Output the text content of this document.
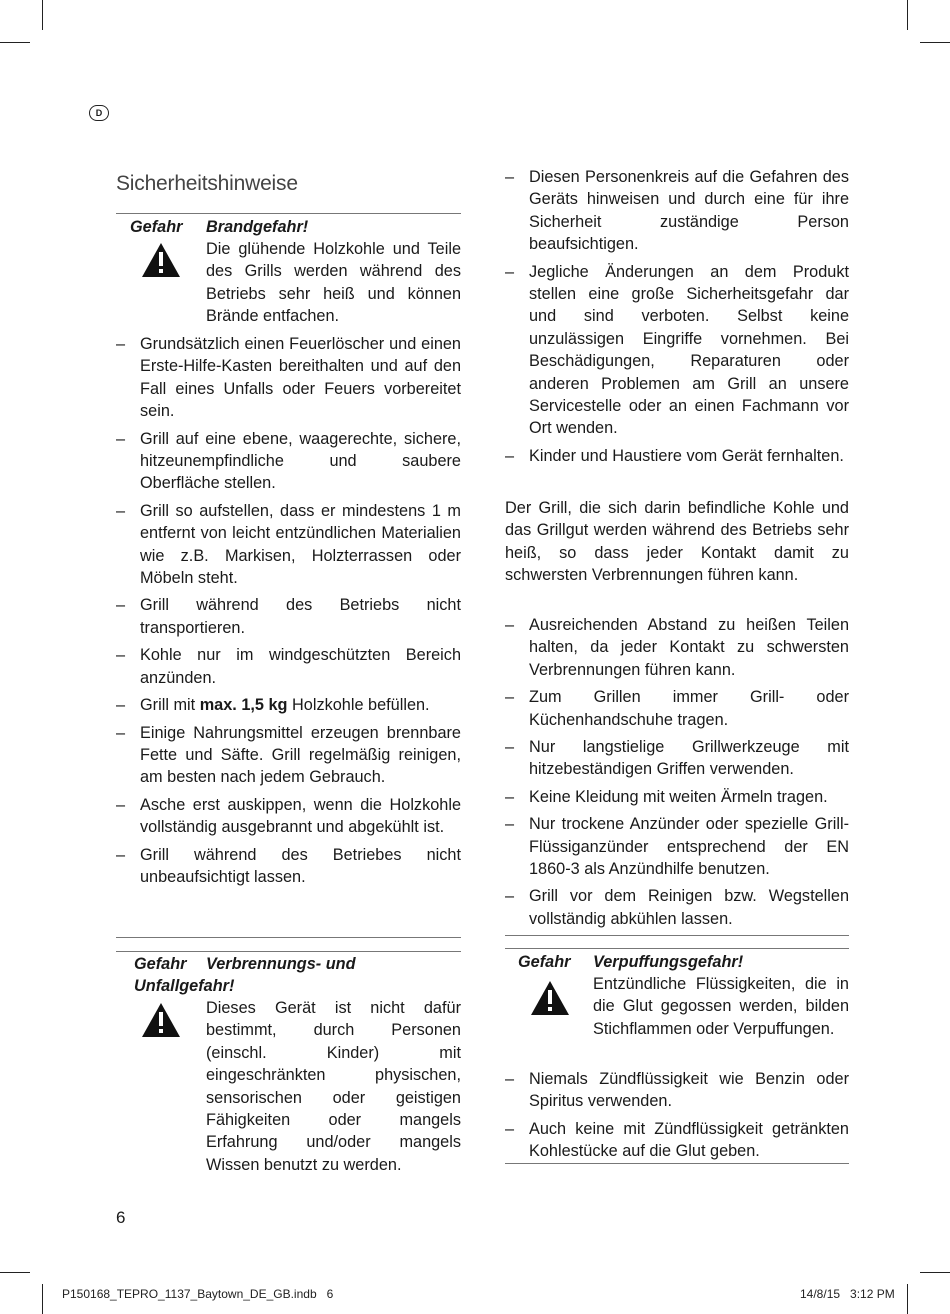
D
Sicherheitshinweise
Gefahr Brandgefahr!
Die glühende Holzkohle und Teile des Grills werden während des Betriebs sehr heiß und können Brände entfachen.
– Grundsätzlich einen Feuerlöscher und einen Erste-Hilfe-Kasten bereithalten und auf den Fall eines Unfalls oder Feuers vorbereitet sein.
– Grill auf eine ebene, waagerechte, sichere, hitzeunempfindliche und saubere Oberfläche stellen.
– Grill so aufstellen, dass er mindestens 1 m entfernt von leicht entzündlichen Materialien wie z.B. Markisen, Holzterrassen oder Möbeln steht.
– Grill während des Betriebs nicht transportieren.
– Kohle nur im windgeschützten Bereich anzünden.
– Grill mit max. 1,5 kg Holzkohle befüllen.
– Einige Nahrungsmittel erzeugen brennbare Fette und Säfte. Grill regelmäßig reinigen, am besten nach jedem Gebrauch.
– Asche erst auskippen, wenn die Holzkohle vollständig ausgebrannt und abgekühlt ist.
– Grill während des Betriebes nicht unbeaufsichtigt lassen.
Gefahr Verbrennungs- und
Unfallgefahr!
Dieses Gerät ist nicht dafür bestimmt, durch Personen (einschl. Kinder) mit eingeschränkten physischen, sensorischen oder geistigen Fähigkeiten oder mangels Erfahrung und/oder mangels Wissen benutzt zu werden.
– Diesen Personenkreis auf die Gefahren des Geräts hinweisen und durch eine für ihre Sicherheit zuständige Person beaufsichtigen.
– Jegliche Änderungen an dem Produkt stellen eine große Sicherheitsgefahr dar und sind verboten. Selbst keine unzulässigen Eingriffe vornehmen. Bei Beschädigungen, Reparaturen oder anderen Problemen am Grill an unsere Servicestelle oder an einen Fachmann vor Ort wenden.
– Kinder und Haustiere vom Gerät fernhalten.
Der Grill, die sich darin befindliche Kohle und das Grillgut werden während des Betriebs sehr heiß, so dass jeder Kontakt damit zu schwersten Verbrennungen führen kann.
– Ausreichenden Abstand zu heißen Teilen halten, da jeder Kontakt zu schwersten Verbrennungen führen kann.
– Zum Grillen immer Grill- oder Küchenhandschuhe tragen.
– Nur langstielige Grillwerkzeuge mit hitzebeständigen Griffen verwenden.
– Keine Kleidung mit weiten Ärmeln tragen.
– Nur trockene Anzünder oder spezielle Grill-Flüssiganzünder entsprechend der EN 1860-3 als Anzündhilfe benutzen.
– Grill vor dem Reinigen bzw. Wegstellen vollständig abkühlen lassen.
Gefahr Verpuffungsgefahr!
Entzündliche Flüssigkeiten, die in die Glut gegossen werden, bilden Stichflammen oder Verpuffungen.
– Niemals Zündflüssigkeit wie Benzin oder Spiritus verwenden.
– Auch keine mit Zündflüssigkeit getränkten Kohlestücke auf die Glut geben.
6
P150168_TEPRO_1137_Baytown_DE_GB.indb   6	14/8/15   3:12 PM
